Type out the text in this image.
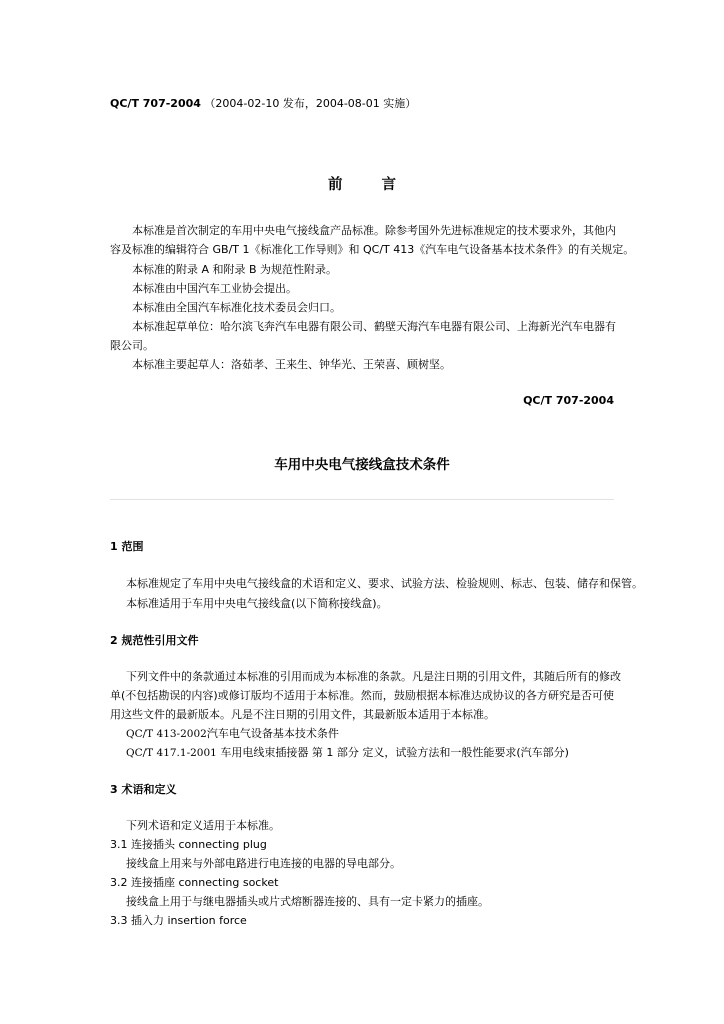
QC/T 707-2004 （2004-02-10 发布，2004-08-01 实施）
前 言
本标准是首次制定的车用中央电气接线盒产品标准。除参考国外先进标准规定的技术要求外，其他内
容及标准的编辑符合 GB/T 1《标准化工作导则》和 QC/T 413《汽车电气设备基本技术条件》的有关规定。
本标准的附录 A 和附录 B 为规范性附录。
本标准由中国汽车工业协会提出。
本标准由全国汽车标准化技术委员会归口。
本标准起草单位：哈尔滨飞奔汽车电器有限公司、鹤壁天海汽车电器有限公司、上海新光汽车电器有
限公司。
本标准主要起草人：洛茹孝、王来生、钟华光、王荣喜、顾树坚。
QC/T 707-2004
车用中央电气接线盒技术条件
1 范围
本标准规定了车用中央电气接线盒的术语和定义、要求、试验方法、检验规则、标志、包装、储存和保管。
本标准适用于车用中央电气接线盒(以下简称接线盒)。
2 规范性引用文件
下列文件中的条款通过本标准的引用而成为本标准的条款。凡是注日期的引用文件，其随后所有的修改
单(不包括勘误的内容)或修订版均不适用于本标准。然而，鼓励根据本标准达成协议的各方研究是否可使
用这些文件的最新版本。凡是不注日期的引用文件，其最新版本适用于本标准。
QC/T 413-2002汽车电气设备基本技术条件
QC/T 417.1-2001 车用电线束插接器 第 1 部分 定义，试验方法和一般性能要求(汽车部分)
3 术语和定义
下列术语和定义适用于本标准。
3.1 连接插头 connecting plug
接线盒上用来与外部电路进行电连接的电器的导电部分。
3.2 连接插座 connecting socket
接线盒上用于与继电器插头或片式熔断器连接的、具有一定卡紧力的插座。
3.3 插入力 insertion force
